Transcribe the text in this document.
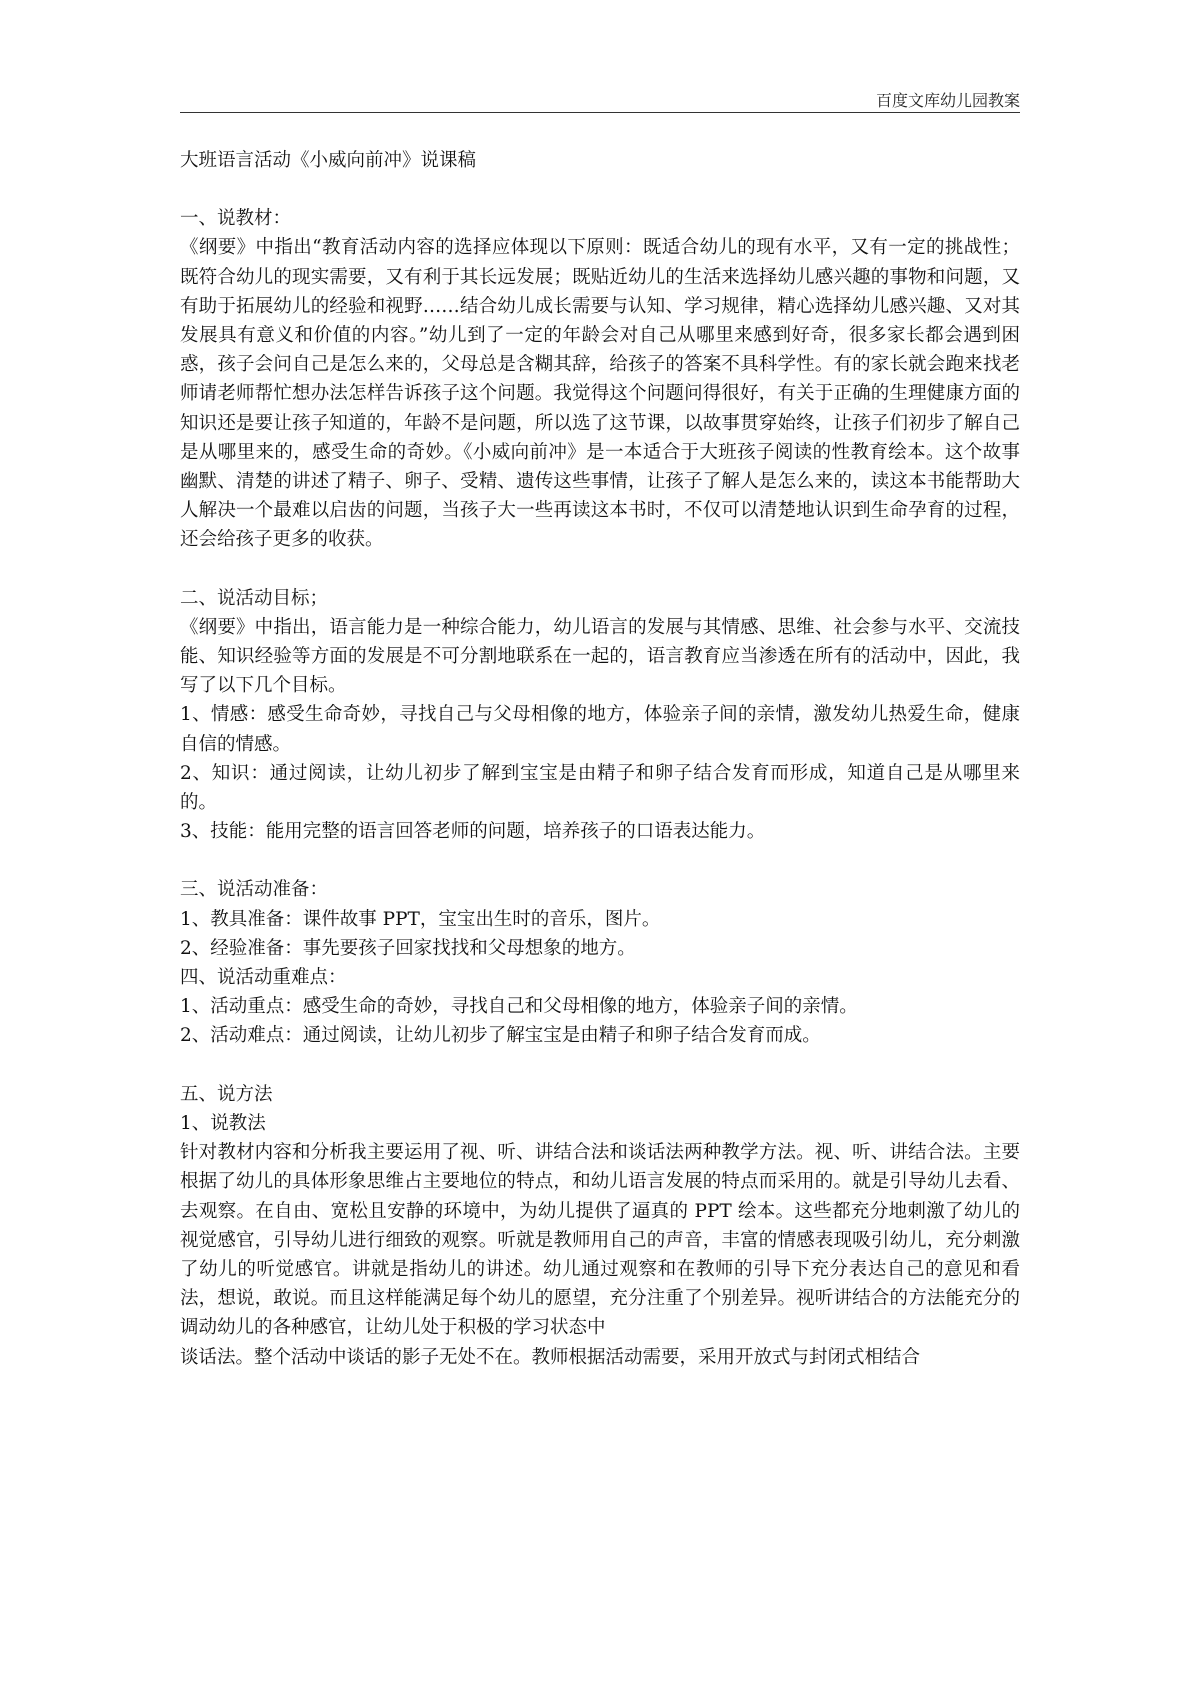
百度文库幼儿园教案

大班语言活动《小威向前冲》说课稿

一、说教材：

《纲要》中指出“教育活动内容的选择应体现以下原则：既适合幼儿的现有水平，又有一定的挑战性；既符合幼儿的现实需要，又有利于其长远发展；既贴近幼儿的生活来选择幼儿感兴趣的事物和问题，又有助于拓展幼儿的经验和视野……结合幼儿成长需要与认知、学习规律，精心选择幼儿感兴趣、又对其发展具有意义和价值的内容。”幼儿到了一定的年龄会对自己从哪里来感到好奇，很多家长都会遇到困惑，孩子会问自己是怎么来的，父母总是含糊其辞，给孩子的答案不具科学性。有的家长就会跑来找老师请老师帮忙想办法怎样告诉孩子这个问题。我觉得这个问题问得很好，有关于正确的生理健康方面的知识还是要让孩子知道的，年龄不是问题，所以选了这节课，以故事贯穿始终，让孩子们初步了解自己是从哪里来的，感受生命的奇妙。《小威向前冲》是一本适合于大班孩子阅读的性教育绘本。这个故事幽默、清楚的讲述了精子、卵子、受精、遗传这些事情，让孩子了解人是怎么来的，读这本书能帮助大人解决一个最难以启齿的问题，当孩子大一些再读这本书时，不仅可以清楚地认识到生命孕育的过程，还会给孩子更多的收获。

二、说活动目标；

《纲要》中指出，语言能力是一种综合能力，幼儿语言的发展与其情感、思维、社会参与水平、交流技能、知识经验等方面的发展是不可分割地联系在一起的，语言教育应当渗透在所有的活动中，因此，我写了以下几个目标。

1、情感：感受生命奇妙，寻找自己与父母相像的地方，体验亲子间的亲情，激发幼儿热爱生命，健康自信的情感。

2、知识：通过阅读，让幼儿初步了解到宝宝是由精子和卵子结合发育而形成，知道自己是从哪里来的。

3、技能：能用完整的语言回答老师的问题，培养孩子的口语表达能力。

三、说活动准备：

1、教具准备：课件故事 PPT，宝宝出生时的音乐，图片。

2、经验准备：事先要孩子回家找找和父母想象的地方。

四、说活动重难点：

1、活动重点：感受生命的奇妙，寻找自己和父母相像的地方，体验亲子间的亲情。

2、活动难点：通过阅读，让幼儿初步了解宝宝是由精子和卵子结合发育而成。

五、说方法

1、说教法

针对教材内容和分析我主要运用了视、听、讲结合法和谈话法两种教学方法。视、听、讲结合法。主要根据了幼儿的具体形象思维占主要地位的特点，和幼儿语言发展的特点而采用的。就是引导幼儿去看、去观察。在自由、宽松且安静的环境中，为幼儿提供了逼真的 PPT 绘本。这些都充分地刺激了幼儿的视觉感官，引导幼儿进行细致的观察。听就是教师用自己的声音，丰富的情感表现吸引幼儿，充分刺激了幼儿的听觉感官。讲就是指幼儿的讲述。幼儿通过观察和在教师的引导下充分表达自己的意见和看法，想说，敢说。而且这样能满足每个幼儿的愿望，充分注重了个别差异。视听讲结合的方法能充分的调动幼儿的各种感官，让幼儿处于积极的学习状态中

谈话法。整个活动中谈话的影子无处不在。教师根据活动需要，采用开放式与封闭式相结合
